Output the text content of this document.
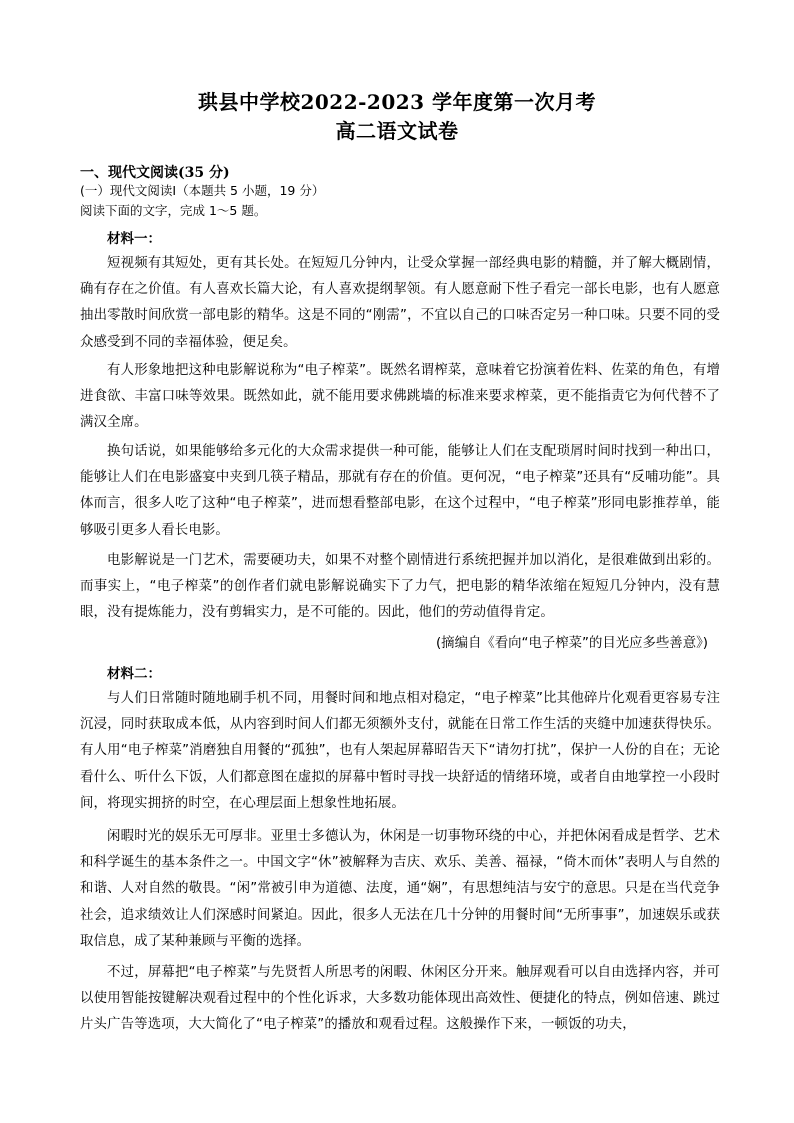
珙县中学校2022-2023 学年度第一次月考
高二语文试卷
一、现代文阅读(35 分)
(一）现代文阅读Ⅰ（本题共 5 小题，19 分）
阅读下面的文字，完成 1～5 题。
材料一：
短视频有其短处，更有其长处。在短短几分钟内，让受众掌握一部经典电影的精髓，并了解大概剧情，确有存在之价值。有人喜欢长篇大论，有人喜欢提纲挈领。有人愿意耐下性子看完一部长电影，也有人愿意抽出零散时间欣赏一部电影的精华。这是不同的“刚需”，不宜以自己的口味否定另一种口味。只要不同的受众感受到不同的幸福体验，便足矣。
有人形象地把这种电影解说称为“电子榨菜”。既然名谓榨菜，意味着它扮演着佐料、佐菜的角色，有增进食欲、丰富口味等效果。既然如此，就不能用要求佛跳墙的标准来要求榨菜，更不能指责它为何代替不了满汉全席。
换句话说，如果能够给多元化的大众需求提供一种可能，能够让人们在支配琐屑时间时找到一种出口，能够让人们在电影盛宴中夹到几筷子精品，那就有存在的价值。更何况，“电子榨菜”还具有“反哺功能”。具体而言，很多人吃了这种“电子榨菜”，进而想看整部电影，在这个过程中，“电子榨菜”形同电影推荐单，能够吸引更多人看长电影。
电影解说是一门艺术，需要硬功夫，如果不对整个剧情进行系统把握并加以消化，是很难做到出彩的。而事实上，“电子榨菜”的创作者们就电影解说确实下了力气，把电影的精华浓缩在短短几分钟内，没有慧眼，没有提炼能力，没有剪辑实力，是不可能的。因此，他们的劳动值得肯定。
(摘编自《看向“电子榨菜”的目光应多些善意》)
材料二：
与人们日常随时随地刷手机不同，用餐时间和地点相对稳定，“电子榨菜”比其他碎片化观看更容易专注沉浸，同时获取成本低，从内容到时间人们都无须额外支付，就能在日常工作生活的夹缝中加速获得快乐。有人用“电子榨菜”消磨独自用餐的“孤独”，也有人架起屏幕昭告天下“请勿打扰”，保护一人份的自在；无论看什么、听什么下饭，人们都意图在虚拟的屏幕中暂时寻找一块舒适的情绪环境，或者自由地掌控一小段时间，将现实拥挤的时空，在心理层面上想象性地拓展。
闲暇时光的娱乐无可厚非。亚里士多德认为，休闲是一切事物环绕的中心，并把休闲看成是哲学、艺术和科学诞生的基本条件之一。中国文字“休”被解释为吉庆、欢乐、美善、福禄，“倚木而休”表明人与自然的和谐、人对自然的敬畏。“闲”常被引申为道德、法度，通“娴”，有思想纯洁与安宁的意思。只是在当代竞争社会，追求绩效让人们深感时间紧迫。因此，很多人无法在几十分钟的用餐时间“无所事事”，加速娱乐或获取信息，成了某种兼顾与平衡的选择。
不过，屏幕把“电子榨菜”与先贤哲人所思考的闲暇、休闲区分开来。触屏观看可以自由选择内容，并可以使用智能按键解决观看过程中的个性化诉求，大多数功能体现出高效性、便捷化的特点，例如倍速、跳过片头广告等选项，大大简化了“电子榨菜”的播放和观看过程。这般操作下来，一顿饭的功夫，
